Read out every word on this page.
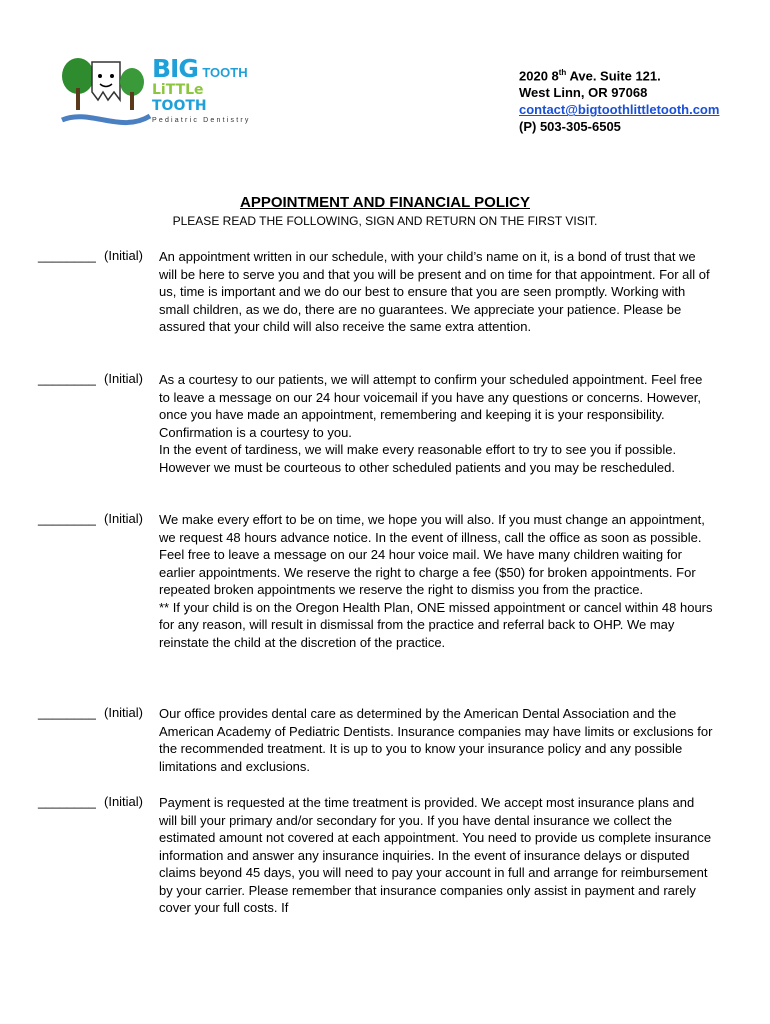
BIG TOOTH
LiTTLe TOOTH
Pediatric Dentistry
2020 8th Ave. Suite 121.
West Linn, OR 97068
contact@bigtoothlittletooth.com
(P) 503-305-6505
APPOINTMENT AND FINANCIAL POLICY
PLEASE READ THE FOLLOWING, SIGN AND RETURN ON THE FIRST VISIT.
________ (Initial) An appointment written in our schedule, with your child’s name on it, is a bond of trust that we will be here to serve you and that you will be present and on time for that appointment. For all of us, time is important and we do our best to ensure that you are seen promptly. Working with small children, as we do, there are no guarantees. We appreciate your patience. Please be assured that your child will also receive the same extra attention.

________ (Initial) As a courtesy to our patients, we will attempt to confirm your scheduled appointment. Feel free to leave a message on our 24 hour voicemail if you have any questions or concerns. However, once you have made an appointment, remembering and keeping it is your responsibility. Confirmation is a courtesy to you.

In the event of tardiness, we will make every reasonable effort to try to see you if possible. However we must be courteous to other scheduled patients and you may be rescheduled.

________ (Initial) We make every effort to be on time, we hope you will also. If you must change an appointment, we request 48 hours advance notice. In the event of illness, call the office as soon as possible. Feel free to leave a message on our 24 hour voice mail. We have many children waiting for earlier appointments. We reserve the right to charge a fee ($50) for broken appointments. For repeated broken appointments we reserve the right to dismiss you from the practice.

** If your child is on the Oregon Health Plan, ONE missed appointment or cancel within 48 hours for any reason, will result in dismissal from the practice and referral back to OHP. We may reinstate the child at the discretion of the practice.

________ (Initial) Our office provides dental care as determined by the American Dental Association and the American Academy of Pediatric Dentists. Insurance companies may have limits or exclusions for the recommended treatment. It is up to you to know your insurance policy and any possible limitations and exclusions.

________ (Initial) Payment is requested at the time treatment is provided. We accept most insurance plans and will bill your primary and/or secondary for you. If you have dental insurance we collect the estimated amount not covered at each appointment. You need to provide us complete insurance information and answer any insurance inquiries. In the event of insurance delays or disputed claims beyond 45 days, you will need to pay your account in full and arrange for reimbursement by your carrier. Please remember that insurance companies only assist in payment and rarely cover your full costs. If
